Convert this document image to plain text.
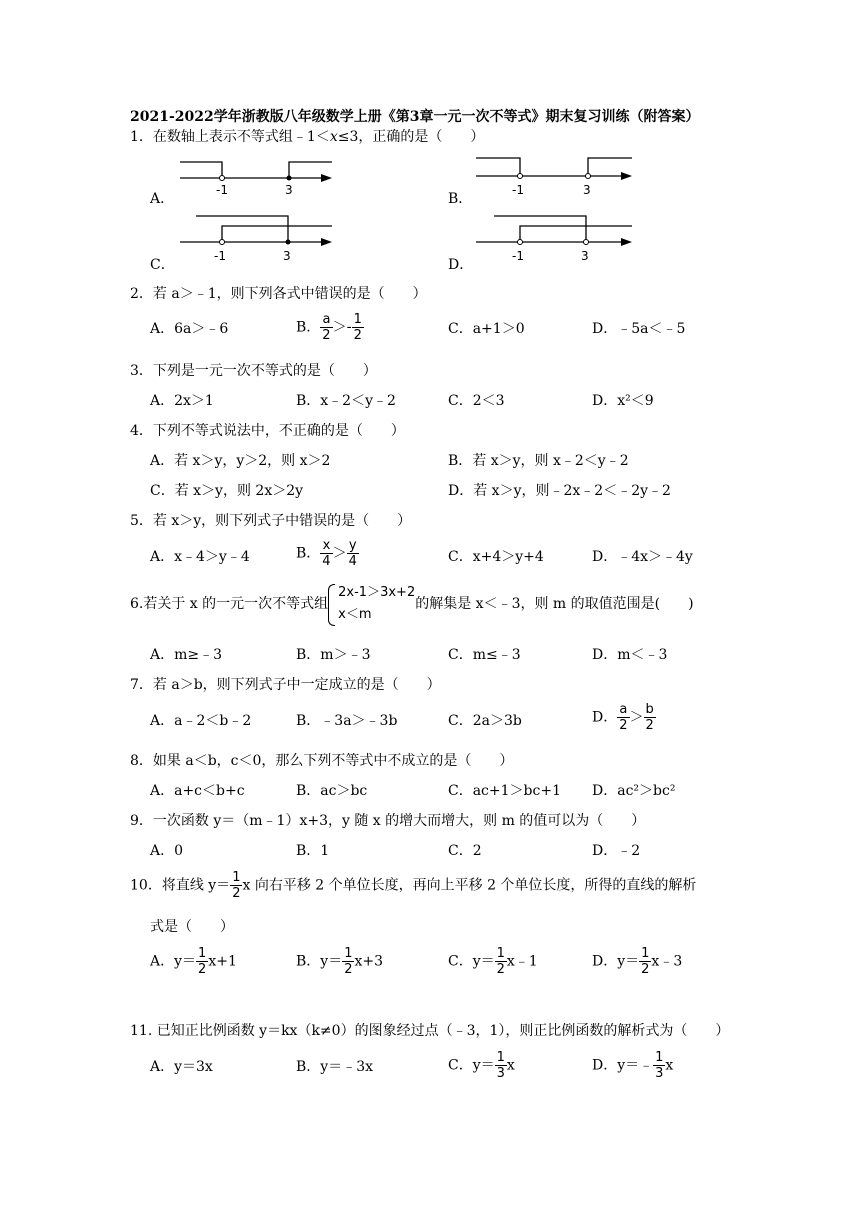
2021-2022学年浙教版八年级数学上册《第3章一元一次不等式》期末复习训练（附答案）
1．在数轴上表示不等式组﹣1＜x≤3，正确的是（　　）
A．
-1	3
B．
-1	3
C．
-1	3
D．
-1	3
2．若 a＞﹣1，则下列各式中错误的是（　　）
A．6a＞﹣6	B． $\frac{a}{2} >- \frac{1}{2}$	C．a+1＞0	D．﹣5a＜﹣5
3．下列是一元一次不等式的是（　　）
A．2x＞1	B．x﹣2＜y﹣2	C．2＜3	D．x²＜9
4．下列不等式说法中，不正确的是（　　）
A．若 x＞y，y＞2，则 x＞2	B．若 x＞y，则 x﹣2＜y﹣2
C．若 x＞y，则 2x＞2y	D．若 x＞y，则﹣2x﹣2＜﹣2y﹣2
5．若 x＞y，则下列式子中错误的是（　　）
A．x﹣4＞y﹣4	B． $\frac{x}{4} > \frac{y}{4}$	C．x+4＞y+4	D．﹣4x＞﹣4y
6.若关于 x 的一元一次不等式组
2x-1＞3x+2
x＜m
的解集是 x＜﹣3，则 m 的取值范围是(　　)
A．m≥﹣3	B．m＞﹣3	C．m≤﹣3	D．m＜﹣3
7．若 a＞b，则下列式子中一定成立的是（　　）
A．a﹣2＜b﹣2	B．﹣3a＞﹣3b	C．2a＞3b	D． $\frac{a}{2} > \frac{b}{2}$
8．如果 a＜b，c＜0，那么下列不等式中不成立的是（　　）
A．a+c＜b+c	B．ac＞bc	C．ac+1＞bc+1 D．ac²＞bc²
9．一次函数 y＝（m﹣1）x+3，y 随 x 的增大而增大，则 m 的值可以为（　　）
A．0	B．1	C．2	D．﹣2
10．将直线 $y= \frac{1}{2}$ x 向右平移 2 个单位长度，再向上平移 2 个单位长度，所得的直线的解析
式是（　　）
A．$y= \frac{1}{2} x+1$	B．$y= \frac{1}{2} x+3$	C．$y= \frac{1}{2}$ x﹣1	D．$y= \frac{1}{2}$ x﹣3
11. 已知正比例函数 y＝kx（k≠0）的图象经过点（﹣3，1），则正比例函数的解析式为（　　）
A．y＝3x	B．y＝﹣3x	C．$y= \frac{1}{3}$ x	D．y＝﹣ $\frac{1}{3}$ x
